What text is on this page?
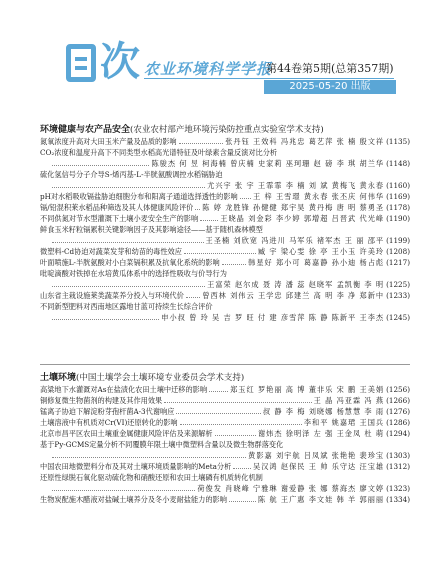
次 农业环境科学学报
第44卷第5期(总第357期)
2025-05-20 出版
环境健康与农产品安全(农业农村部产地环境污染防控重点实验室学术支持)
氮氧浓度升高对大田玉米产量及品质的影响	张丹钰 王效科 冯兆忠 葛艺萍 张 楠 殷文祥 (1135)
CO₂浓度和温度升高下不同类型水稻高光谱特征及叶绿素含量反演对比分析
陈骏杰 何 昱 柯海楠 曾庆楠 史家莉 巫珂珊 赵 磅 李 琪 胡兰华 (1148)
硫化氢信号分子介导S-烯丙基-L-半胱氨酸调控水稻镉胁迫
尤兴宇 张 宇 王霏霏 李 楠 刘 斌 黄梅飞 黄永春 (1160)
pH对水稻吸收镉盐胁迫细胞分布和阳离子通道选择透性的影响 王 梓 王雪璟 黄永春 张丕庆 何伟华 (1169)
镉/铅混积莱水稻品种筛选及其人体健康风险评价 陈 婷 龙胜锋 孙健健 郑宇昊 黄丹梅 唐 明 蔡勇圣 (1178)
不同供氮对节水型灌溉下土壤小麦安全生产的影响	王晓晶 刘金彩 李少婷 郭增超 吕晋武 代光峰 (1190)
鲜食玉米籽粒镉累积关键影响因子及其影响途径——基于随机森林模型
王圣楠 刘欣宽 冯进川 马军乐 褚军杰 王 丽 邵平 (1199)
微塑料-Cd协迫对蔬菜发芽和幼苗的毒性效应	臧 宇 梁心雯 徐 亭 王小玉 许美玲 (1208)
叶面喷施L-半胱氨酸对小白菜镉积累及抗氧化系统的影响	韩星好 郑小可 葛嘉静 孙小迪 杨占彪 (1217)
吡啶滴酸对铁掉在水培黄瓜体系中的选择性吸收与价导行为
王富荣 赵尔成 聂 涛 潘 蕊 赵晓军 孟凯衡 李 明 (1225)
山东省主栽设施莱类蔬菜养分投入与环境代价	曾西林 刘伟云 王学忠 邱建兰 高 明 李 净 郑新中 (1233)
不同新型肥料对西南地区露地甘蓝可持续生长综合评价
申小叔 曾 玲 吴 吉 罗 旺 付 建 彦雪萍 陈 静 陈新平 王李杰 (1245)
土壤环境(中国土壤学会土壤环境专业委员会学术支持)
高粱地下水灌溉对As在盐渍化农田土壤中迁移的影响	郑玉红 罗艳丽 高 博 董非乐 宋 鹏 王美娟 (1256)
铜修复微生物菌剂的构建及其作用效果	王 晶 冯亚霖 冯 燕 (1266)
锰离子协迫下解淀粉芽孢杆菌A-3代谢响应	叔 静 李 梅 刘晓娜 杨慧慧 李 雨 (1276)
土壤溶液中有机质对Cr(VI)还原转化的影响	李和平 姚嘉珺 王国兵 (1286)
北京市昌平区农田土壤重金属健康风险评估及来源解析	谢炜杰 徐明泽 左 强 王金凤 杜 萌 (1294)
基于Py-GCMS定量分析不同覆膜年限土壤中微塑料含量以及微生物群落变化
黄影嘉 刘宇航 吕凤斌 张艳艳 裴珍宝 (1303)
中国农田地微塑料分布及其对土壤环境质量影响的Meta分析	吴汉鸿 赵保民 王 帅 乐守达 汪宝雄 (1312)
还原性绿脱石氧化驱动硫化物和硝酸还原和农田土壤磷有机质转化机制
荷俊发 肖晓峰 宁雅琳 谢爱静 张 娜 蔡海杰 廖文婷 (1323)
生物炭配施木醋液对盐碱土壤养分及冬小麦耐盐能力的影响	陈 航 王广惠 李文娃 韩 羊 郭丽丽 (1334)
